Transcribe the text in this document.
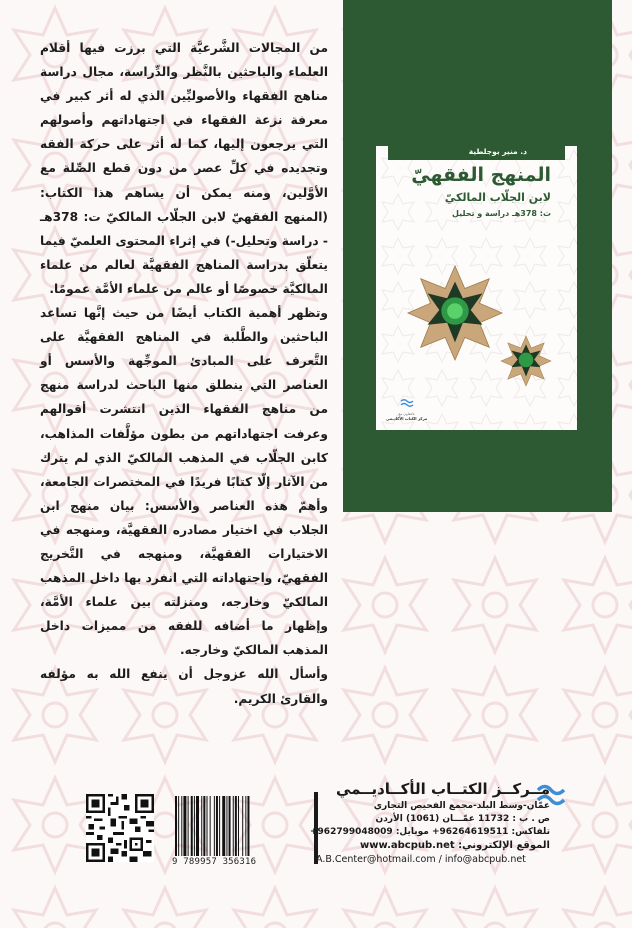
د. منير بوجلطية
المنهج الفقهيّ
لابن الجلّاب المالكيّ
ت: 378هـ دراسة و تحليل
بالتعاون مع
مركز الكتاب الأكاديمي

من المجالات الشَّرعيَّة التي برزت فيها أقلام العلماء والباحثين بالنَّظر والدِّراسة، مجال دراسة مناهج الفقهاء والأصوليِّين الذي له أثر كبير في معرفة نزعة الفقهاء في اجتهاداتهم وأصولهم التي يرجعون إليها، كما له أثر على حركة الفقه وتجديده في كلِّ عصر من دون قطع الصِّلة مع الأوَّلين، ومنه يمكن أن يساهم هذا الكتاب: (المنهج الفقهيّ لابن الجلّاب المالكيّ ت: 378هـ - دراسة وتحليل-) في إثراء المحتوى العلميّ فيما يتعلّق بدراسة المناهج الفقهيَّة لعالم من علماء المالكيَّة خصوصًا أو عالم من علماء الأمَّة عمومًا.

وتظهر أهمية الكتاب أيضًا من حيث إنَّها تساعد الباحثين والطَّلبة في المناهج الفقهيَّة على التَّعرف على المبادئ الموجِّهة والأسس أو العناصر التي ينطلق منها الباحث لدراسة منهج من مناهج الفقهاء الذين انتشرت أقوالهم وعرفت اجتهاداتهم من بطون مؤلَّفات المذاهب، كابن الجلّاب في المذهب المالكيّ الذي لم يترك من الآثار إلّا كتابًا فريدًا في المختصرات الجامعة، وأهمّ هذه العناصر والأسس: بيان منهج ابن الجلاب في اختيار مصادره الفقهيَّة، ومنهجه في الاختيارات الفقهيَّة، ومنهجه في التَّخريج الفقهيّ، واجتهاداته التي انفرد بها داخل المذهب المالكيّ وخارجه، ومنزلته بين علماء الأمَّة، وإظهار ما أضافه للفقه من مميزات داخل المذهب المالكيّ وخارجه.

وأسأل الله عزوجل أن ينفع الله به مؤلفه والقارئ الكريم.

9 789957 356316
مــركــز الكتــاب الأكــاديــمي
عمّان-وسط البلد-مجمع الفحيص التجاري
ص . ب : 11732 عمّـــان (1061) الأردن
تلفاكس: 96264619511+ موبايل: 962799048009+
الموقع الإلكتروني: www.abcpub.net
A.B.Center@hotmail.com / info@abcpub.net
